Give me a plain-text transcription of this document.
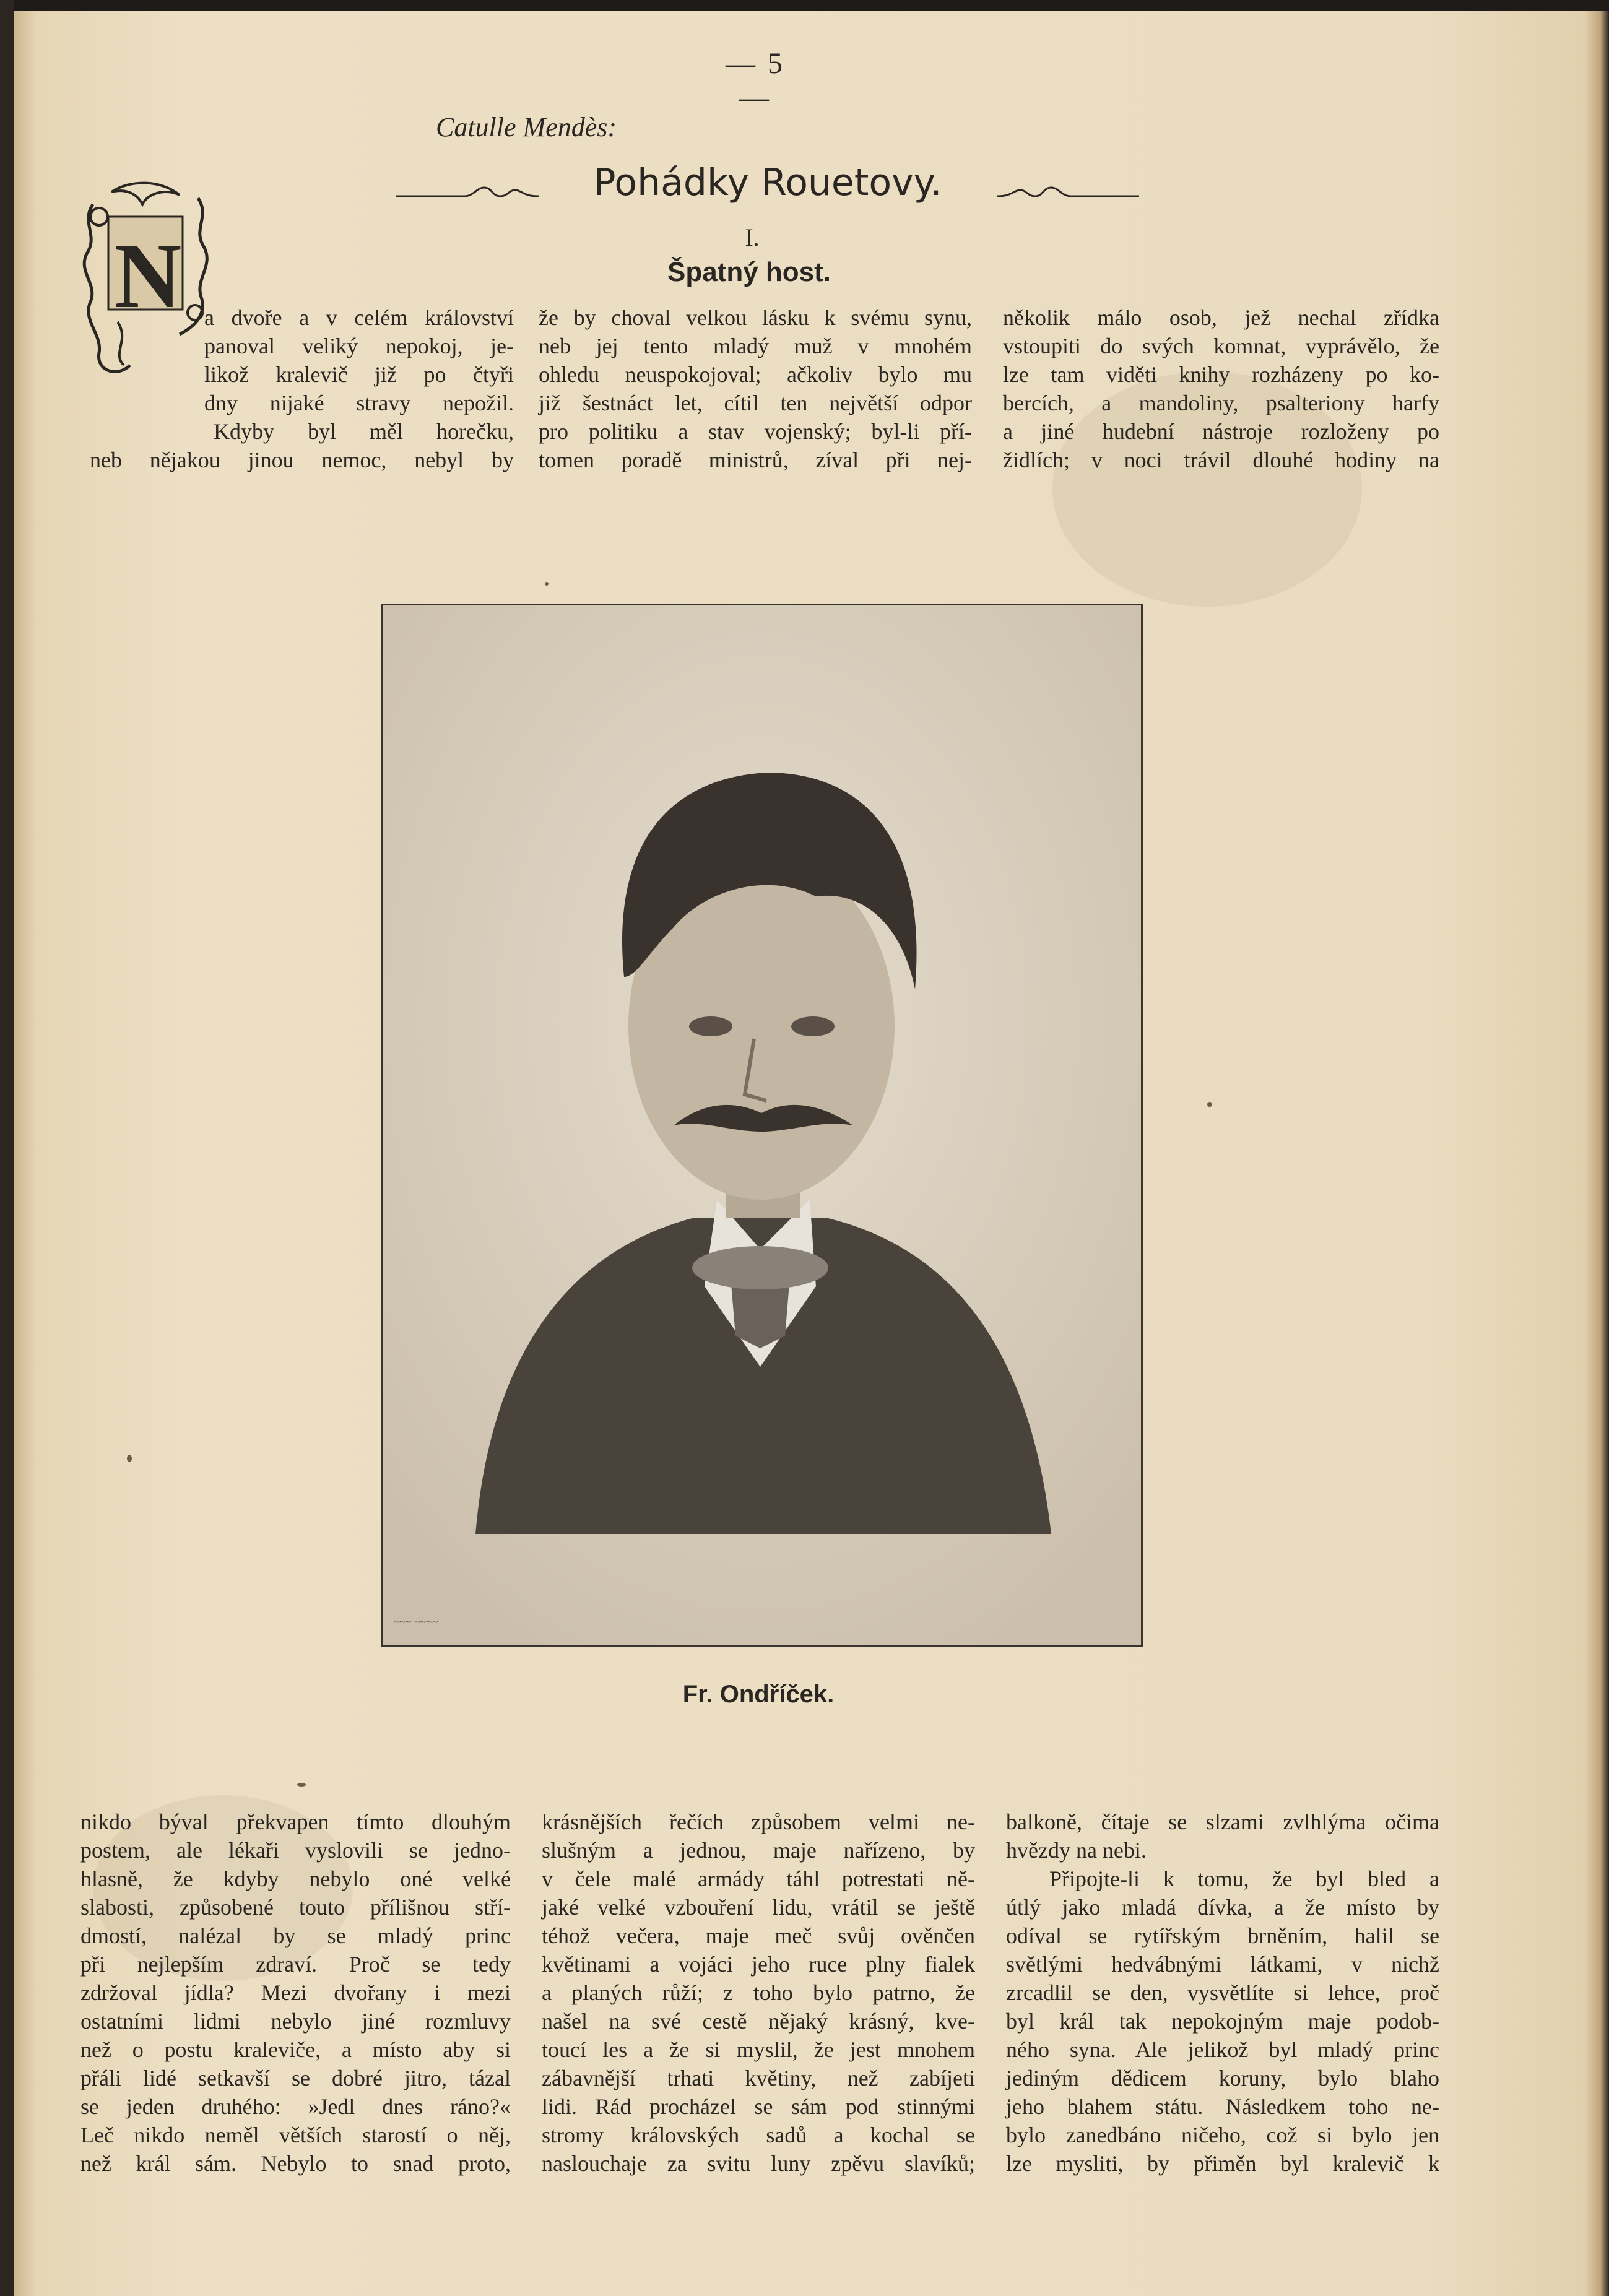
— 5 —
Catulle Mendès:
Pohádky Rouetovy.
I.
Špatný host.
N a dvoře a v celém království
panoval veliký nepokoj, je-
likož kralevič již po čtyři
dny nijaké stravy nepožil.
Kdyby byl měl horečku,
neb nějakou jinou nemoc, nebyl by
že by choval velkou lásku k svému synu,
neb jej tento mladý muž v mnohém
ohledu neuspokojoval; ačkoliv bylo mu
již šestnáct let, cítil ten největší odpor
pro politiku a stav vojenský; byl-li pří-
tomen poradě ministrů, zíval při nej-
několik málo osob, jež nechal zřídka
vstoupiti do svých komnat, vyprávělo, že
lze tam viděti knihy rozházeny po ko-
bercích, a mandoliny, psalteriony harfy
a jiné hudební nástroje rozloženy po
židlích; v noci trávil dlouhé hodiny na
~~~ ~~~~
Fr. Ondříček.
nikdo býval překvapen tímto dlouhým
postem, ale lékaři vyslovili se jedno-
hlasně, že kdyby nebylo oné velké
slabosti, způsobené touto přílišnou stří-
dmostí, nalézal by se mladý princ
při nejlepším zdraví. Proč se tedy
zdržoval jídla? Mezi dvořany i mezi
ostatními lidmi nebylo jiné rozmluvy
než o postu kraleviče, a místo aby si
přáli lidé setkavší se dobré jitro, tázal
se jeden druhého: »Jedl dnes ráno?«
Leč nikdo neměl větších starostí o něj,
než král sám. Nebylo to snad proto,
krásnějších řečích způsobem velmi ne-
slušným a jednou, maje nařízeno, by
v čele malé armády táhl potrestati ně-
jaké velké vzbouření lidu, vrátil se ještě
téhož večera, maje meč svůj ověnčen
květinami a vojáci jeho ruce plny fialek
a planých růží; z toho bylo patrno, že
našel na své cestě nějaký krásný, kve-
toucí les a že si myslil, že jest mnohem
zábavnější trhati květiny, než zabíjeti
lidi. Rád procházel se sám pod stinnými
stromy královských sadů a kochal se
naslouchaje za svitu luny zpěvu slavíků;
balkoně, čítaje se slzami zvlhlýma očima
hvězdy na nebi.
Připojte-li k tomu, že byl bled a
útlý jako mladá dívka, a že místo by
odíval se rytířským brněním, halil se
světlými hedvábnými látkami, v nichž
zrcadlil se den, vysvětlíte si lehce, proč
byl král tak nepokojným maje podob-
ného syna. Ale jelikož byl mladý princ
jediným dědicem koruny, bylo blaho
jeho blahem státu. Následkem toho ne-
bylo zanedbáno ničeho, což si bylo jen
lze mysliti, by přiměn byl kralevič k
